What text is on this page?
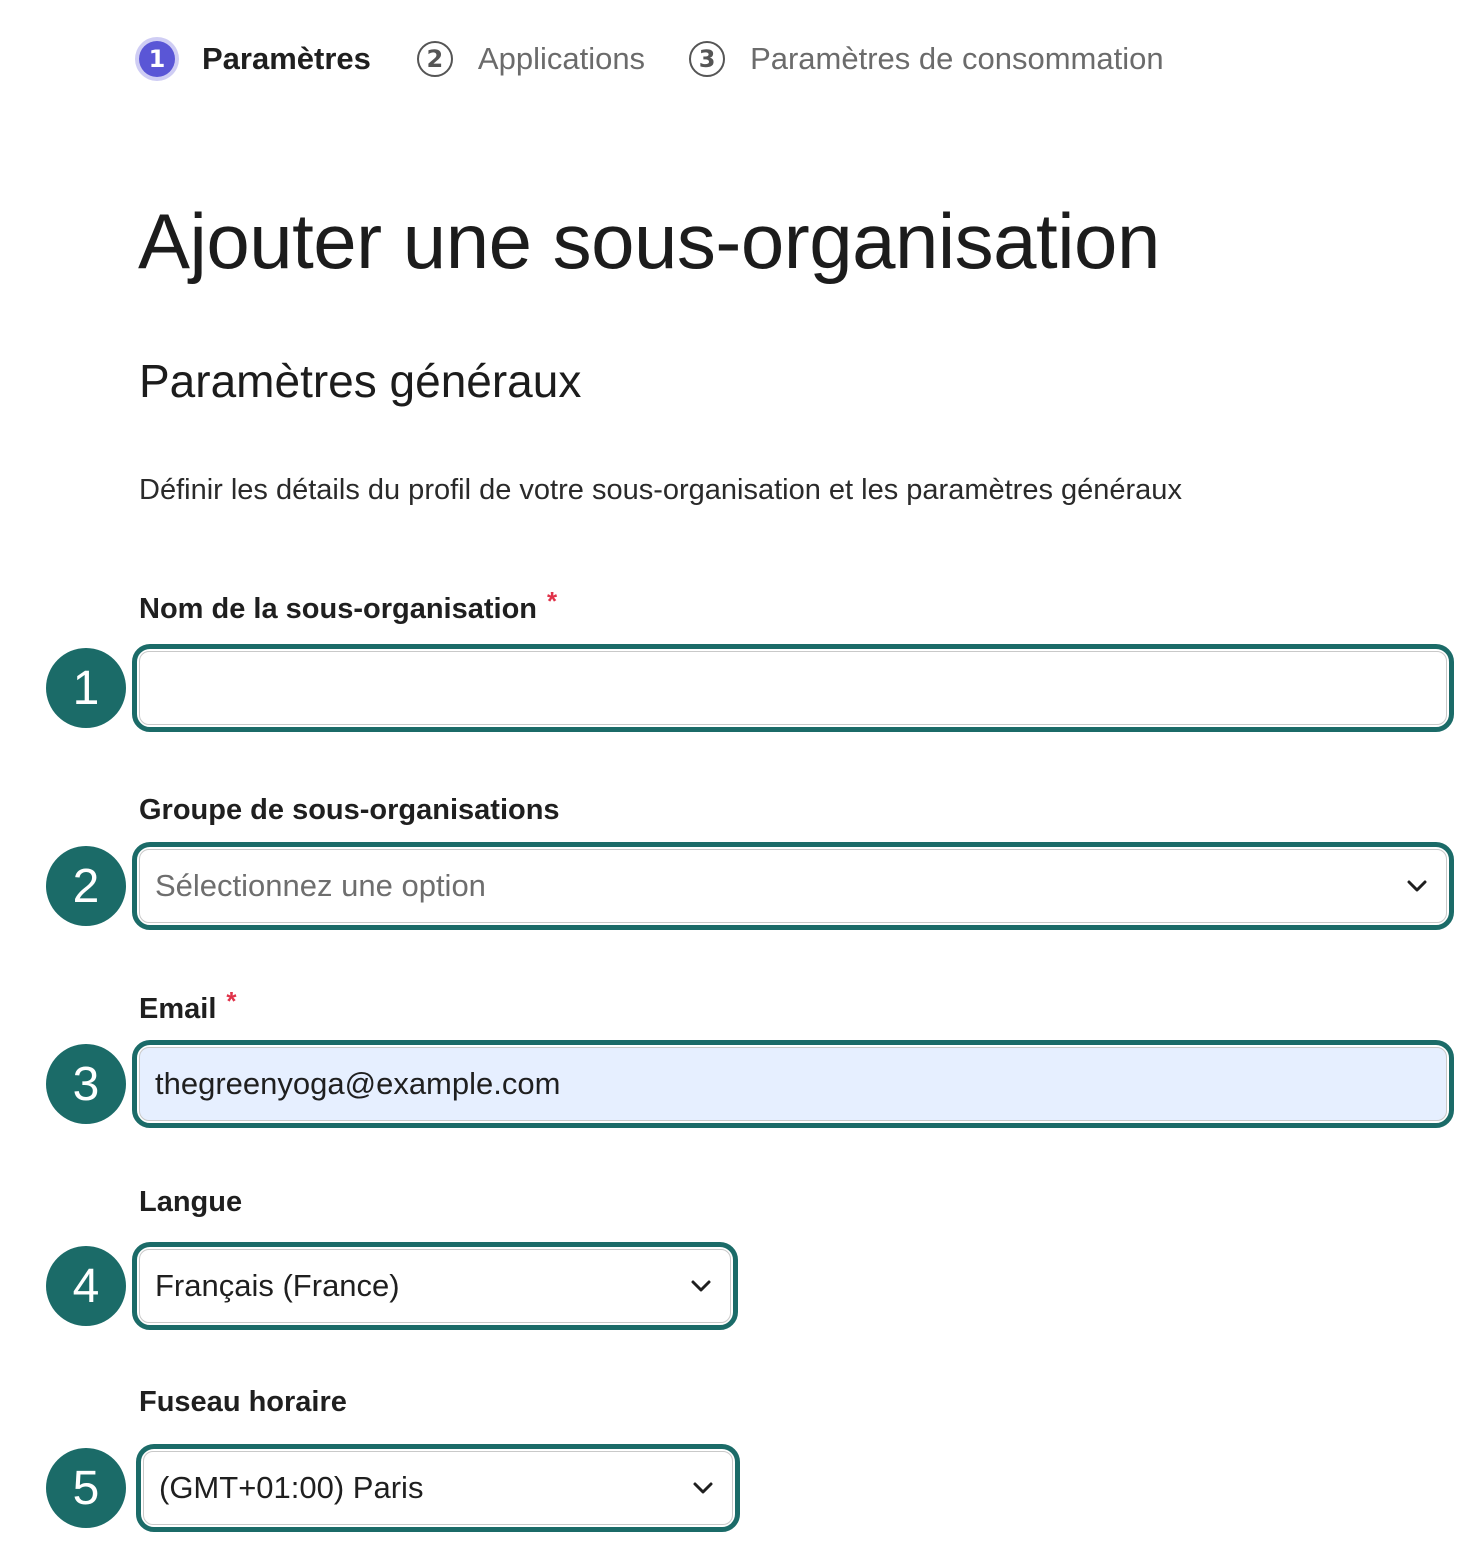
1	Paramètres	2	Applications	3	Paramètres de consommation
Ajouter une sous-organisation
Paramètres généraux

Définir les détails du profil de votre sous-organisation et les paramètres généraux

Nom de la sous-organisation *
1
Groupe de sous-organisations
2	Sélectionnez une option
Email *
3	thegreenyoga@example.com
Langue
4	Français (France)
Fuseau horaire
5	(GMT+01:00) Paris
